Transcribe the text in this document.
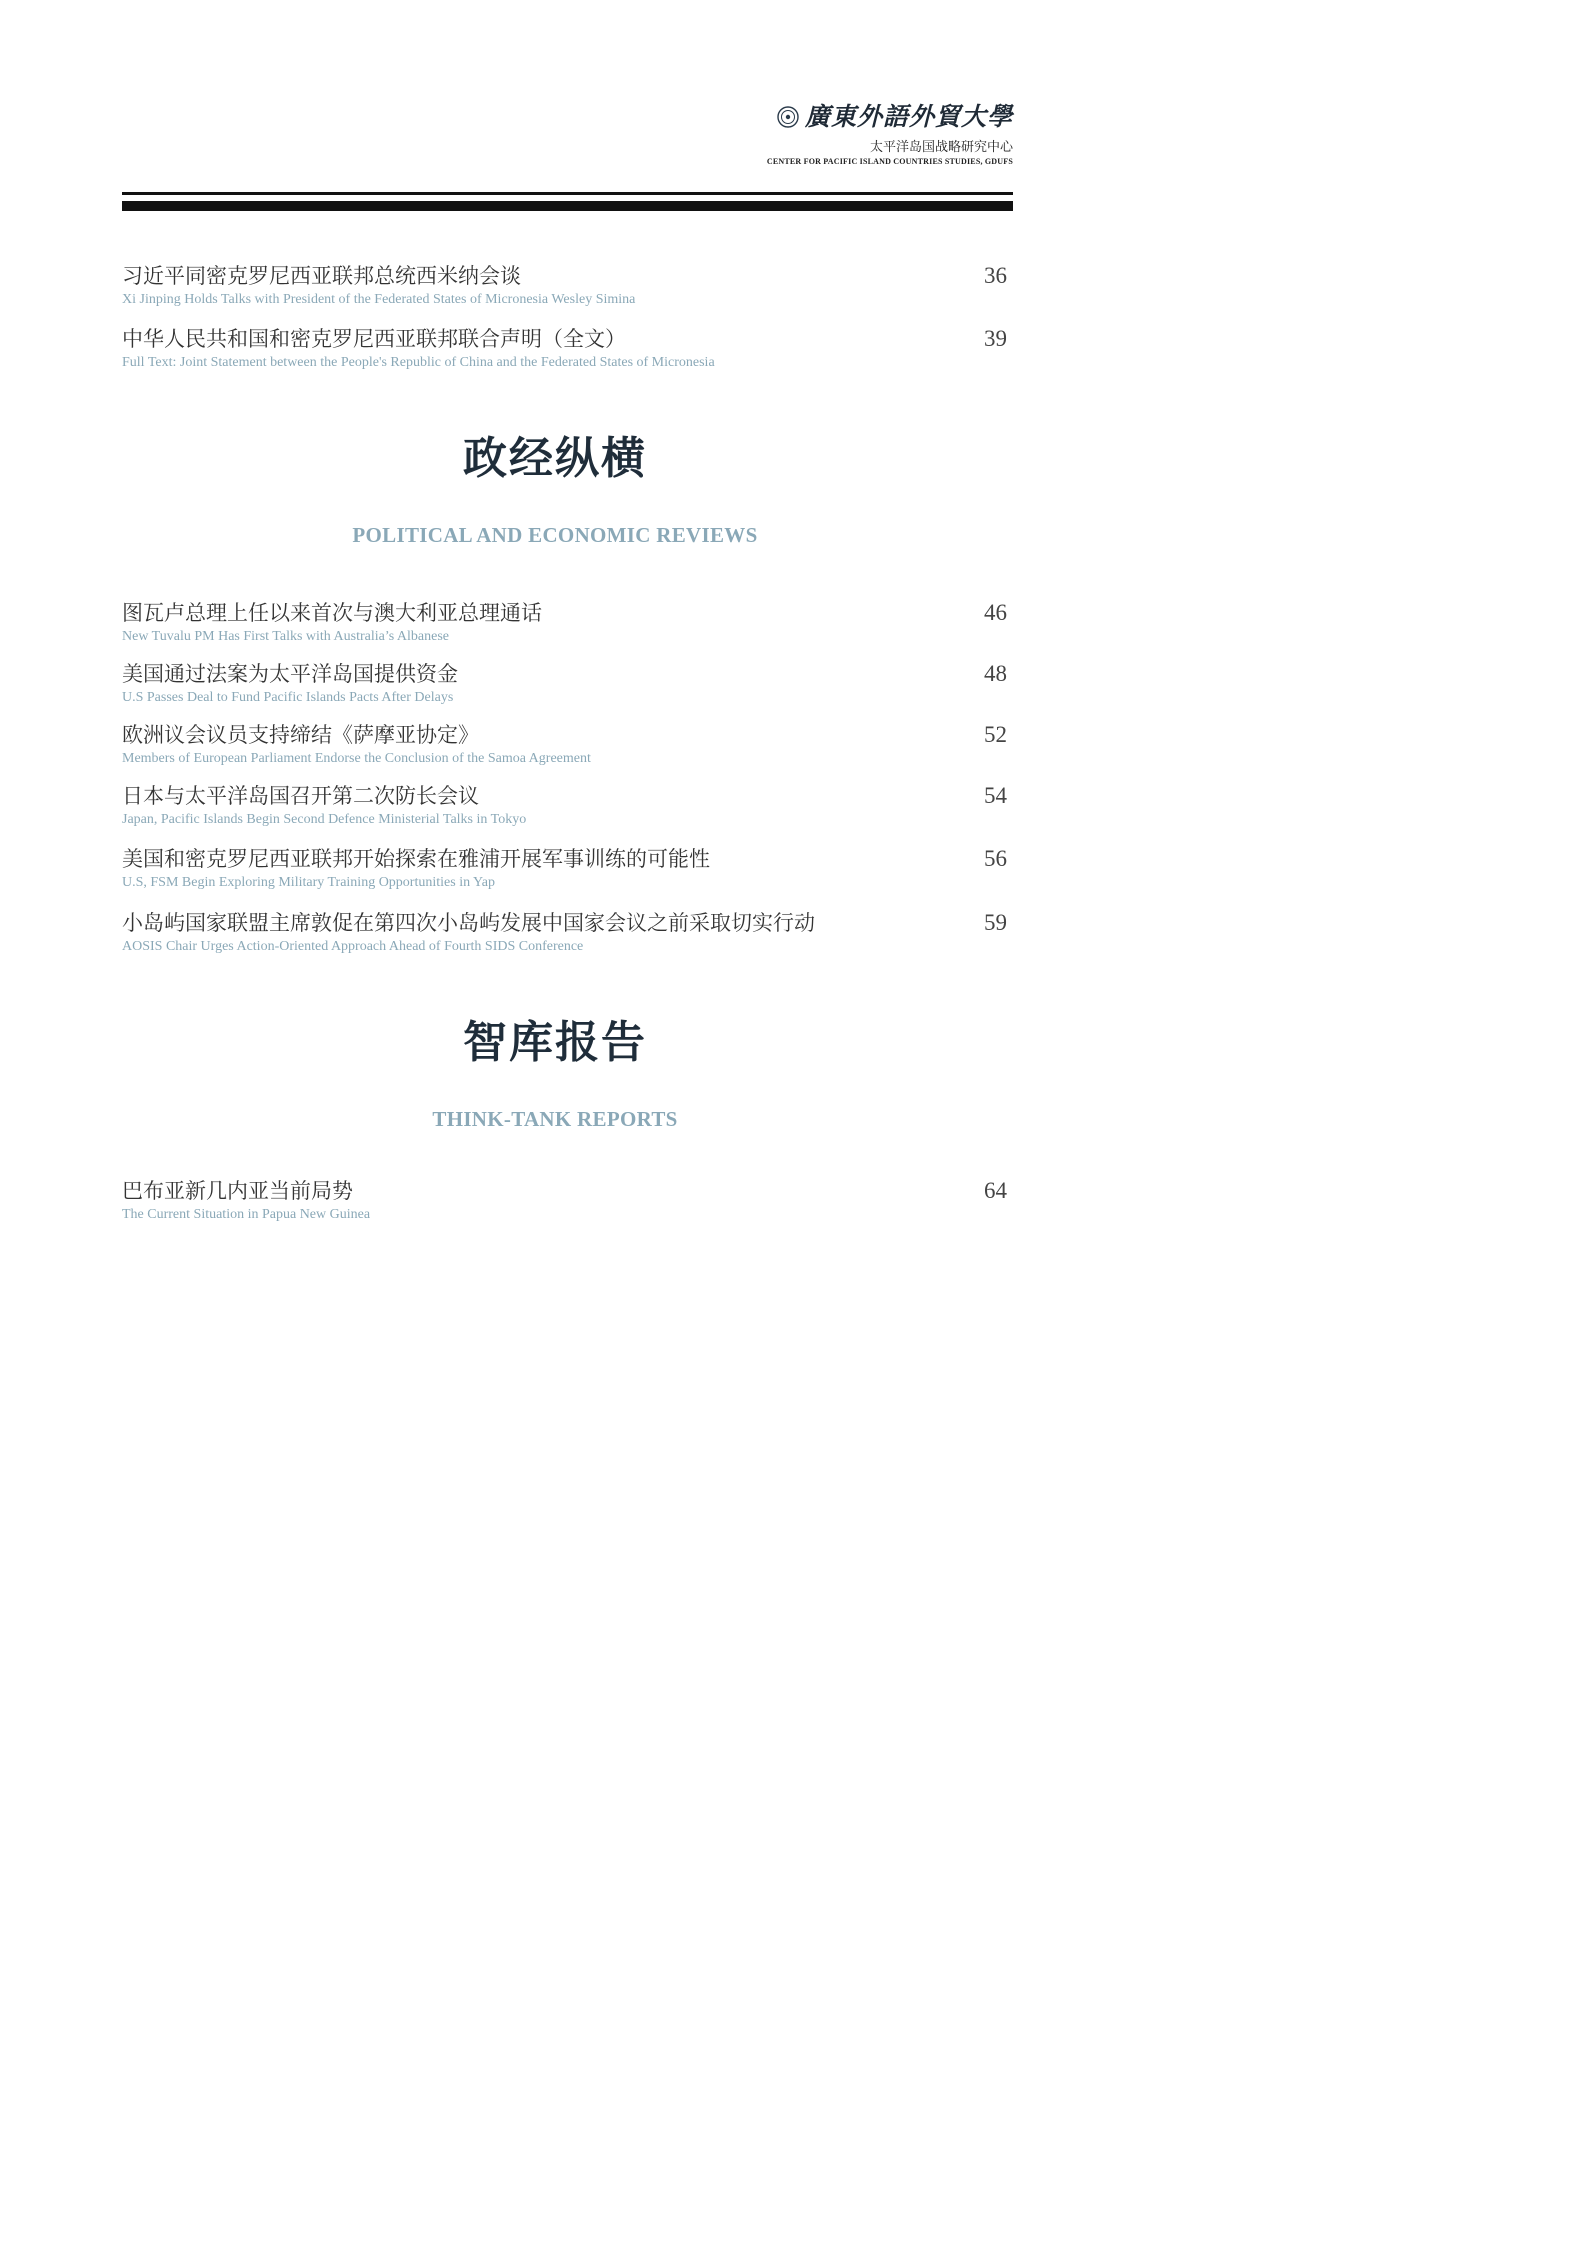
廣東外語外貿大學
太平洋岛国战略研究中心
CENTER FOR PACIFIC ISLAND COUNTRIES STUDIES, GDUFS
习近平同密克罗尼西亚联邦总统西米纳会谈
Xi Jinping Holds Talks with President of the Federated States of Micronesia Wesley Simina
36
中华人民共和国和密克罗尼西亚联邦联合声明（全文）
Full Text: Joint Statement between the People's Republic of China and the Federated States of Micronesia
39
政经纵横
POLITICAL AND ECONOMIC REVIEWS
图瓦卢总理上任以来首次与澳大利亚总理通话
New Tuvalu PM Has First Talks with Australia’s Albanese
46
美国通过法案为太平洋岛国提供资金
U.S Passes Deal to Fund Pacific Islands Pacts After Delays
48
欧洲议会议员支持缔结《萨摩亚协定》
Members of European Parliament Endorse the Conclusion of the Samoa Agreement
52
日本与太平洋岛国召开第二次防长会议
Japan, Pacific Islands Begin Second Defence Ministerial Talks in Tokyo
54
美国和密克罗尼西亚联邦开始探索在雅浦开展军事训练的可能性
U.S, FSM Begin Exploring Military Training Opportunities in Yap
56
小岛屿国家联盟主席敦促在第四次小岛屿发展中国家会议之前采取切实行动
AOSIS Chair Urges Action-Oriented Approach Ahead of Fourth SIDS Conference
59
智库报告
THINK-TANK REPORTS
巴布亚新几内亚当前局势
The Current Situation in Papua New Guinea
64
